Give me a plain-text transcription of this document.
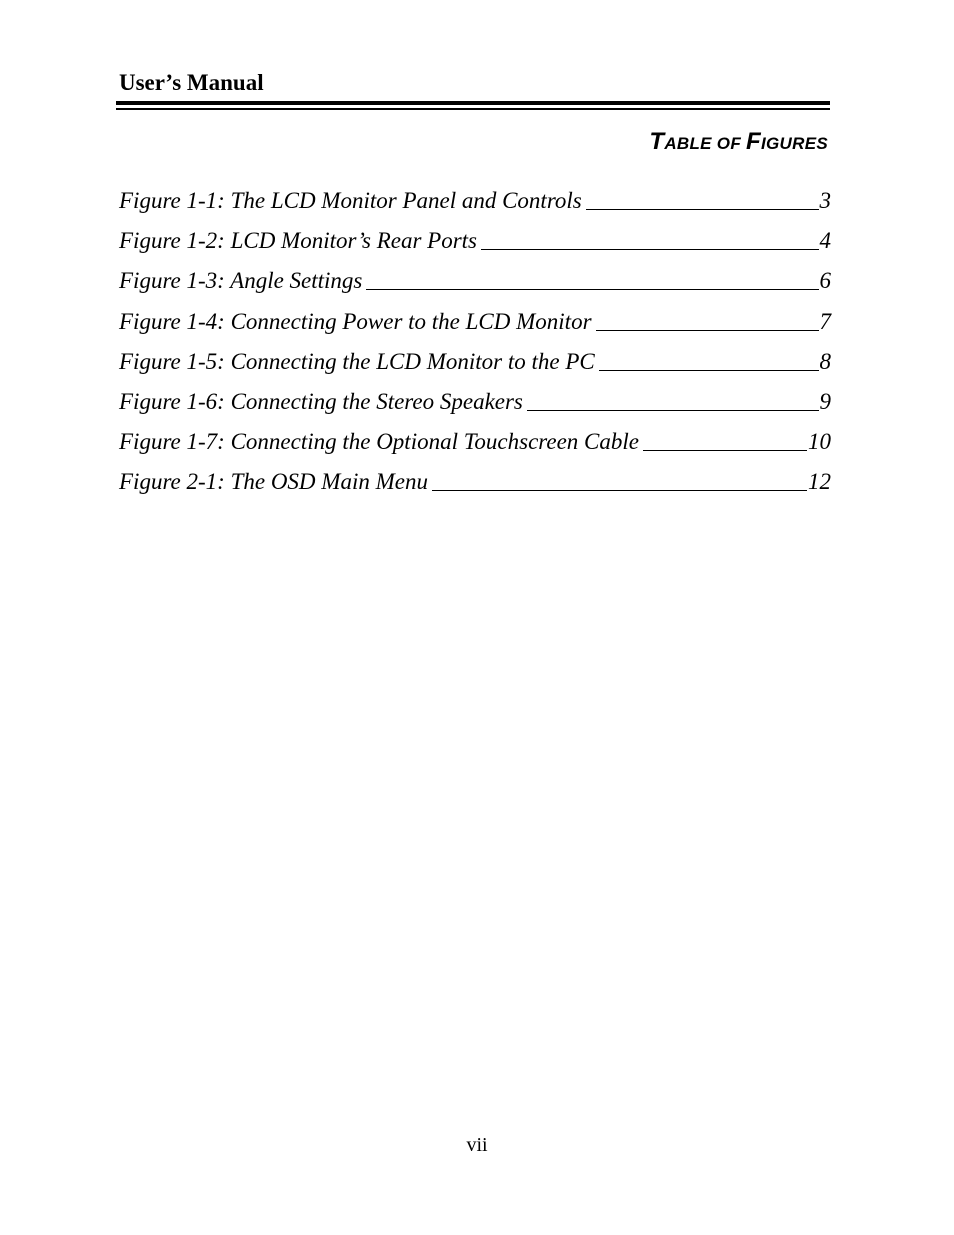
User’s Manual
TABLE OF FIGURES
Figure 1-1: The LCD Monitor Panel and Controls	3
Figure 1-2: LCD Monitor’s Rear Ports	4
Figure 1-3: Angle Settings	6
Figure 1-4: Connecting Power to the LCD Monitor	7
Figure 1-5: Connecting the LCD Monitor to the PC	8
Figure 1-6: Connecting the Stereo Speakers	9
Figure 1-7: Connecting the Optional Touchscreen Cable	10
Figure 2-1: The OSD Main Menu	12
vii
